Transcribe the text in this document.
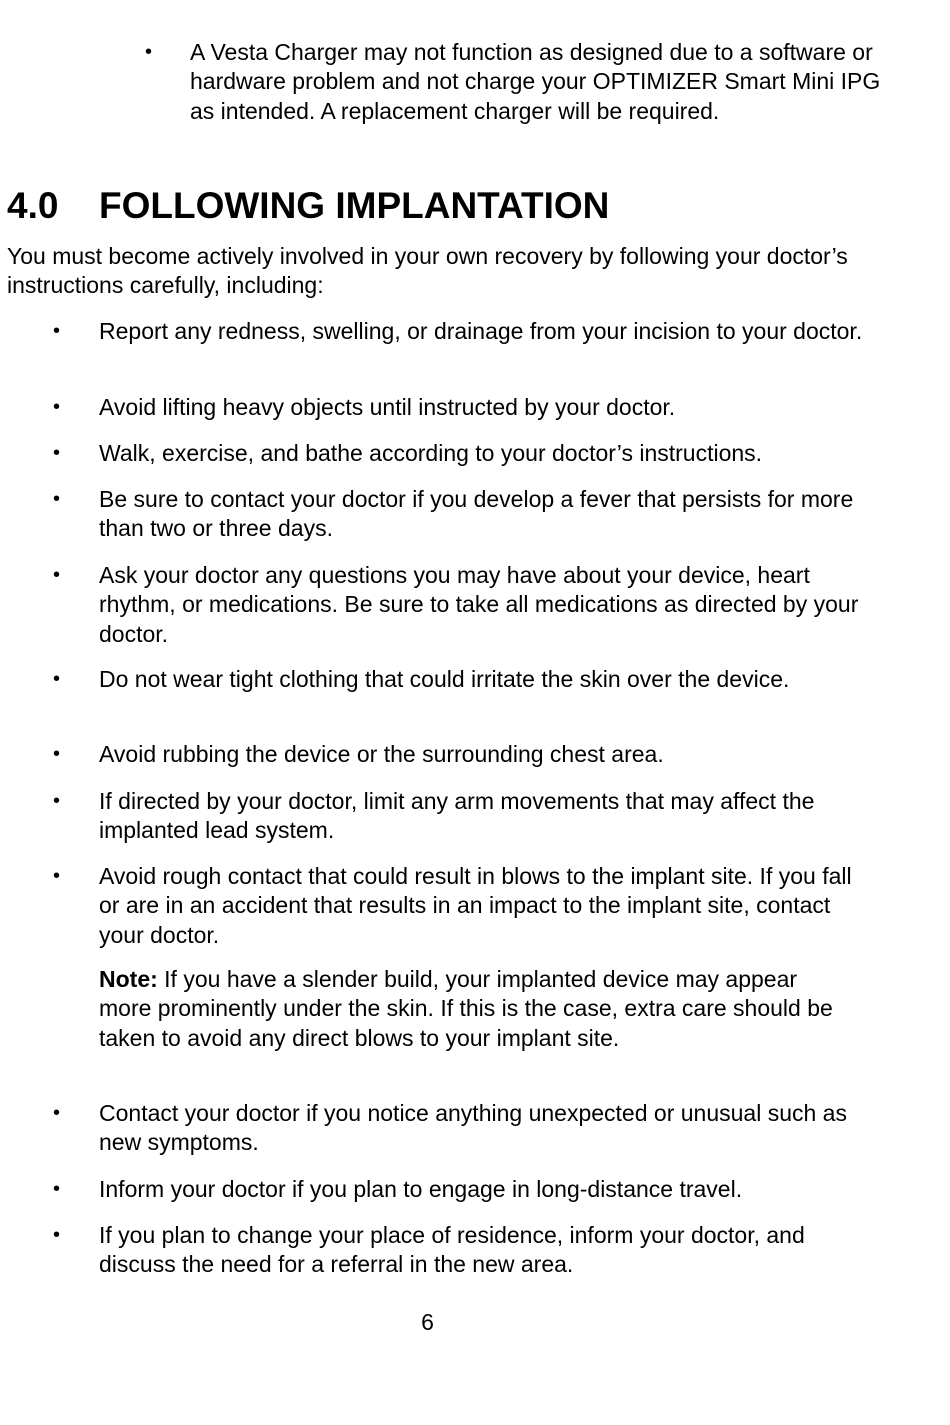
• A Vesta Charger may not function as designed due to a software or hardware problem and not charge your OPTIMIZER Smart Mini IPG as intended. A replacement charger will be required.
4.0 FOLLOWING IMPLANTATION
You must become actively involved in your own recovery by following your doctor’s instructions carefully, including:
• Report any redness, swelling, or drainage from your incision to your doctor.
• Avoid lifting heavy objects until instructed by your doctor.
• Walk, exercise, and bathe according to your doctor’s instructions.
• Be sure to contact your doctor if you develop a fever that persists for more than two or three days.
• Ask your doctor any questions you may have about your device, heart rhythm, or medications. Be sure to take all medications as directed by your doctor.
• Do not wear tight clothing that could irritate the skin over the device.
• Avoid rubbing the device or the surrounding chest area.
• If directed by your doctor, limit any arm movements that may affect the implanted lead system.
• Avoid rough contact that could result in blows to the implant site. If you fall or are in an accident that results in an impact to the implant site, contact your doctor.
Note: If you have a slender build, your implanted device may appear more prominently under the skin. If this is the case, extra care should be taken to avoid any direct blows to your implant site.
• Contact your doctor if you notice anything unexpected or unusual such as new symptoms.
• Inform your doctor if you plan to engage in long-distance travel.
• If you plan to change your place of residence, inform your doctor, and discuss the need for a referral in the new area.
6
